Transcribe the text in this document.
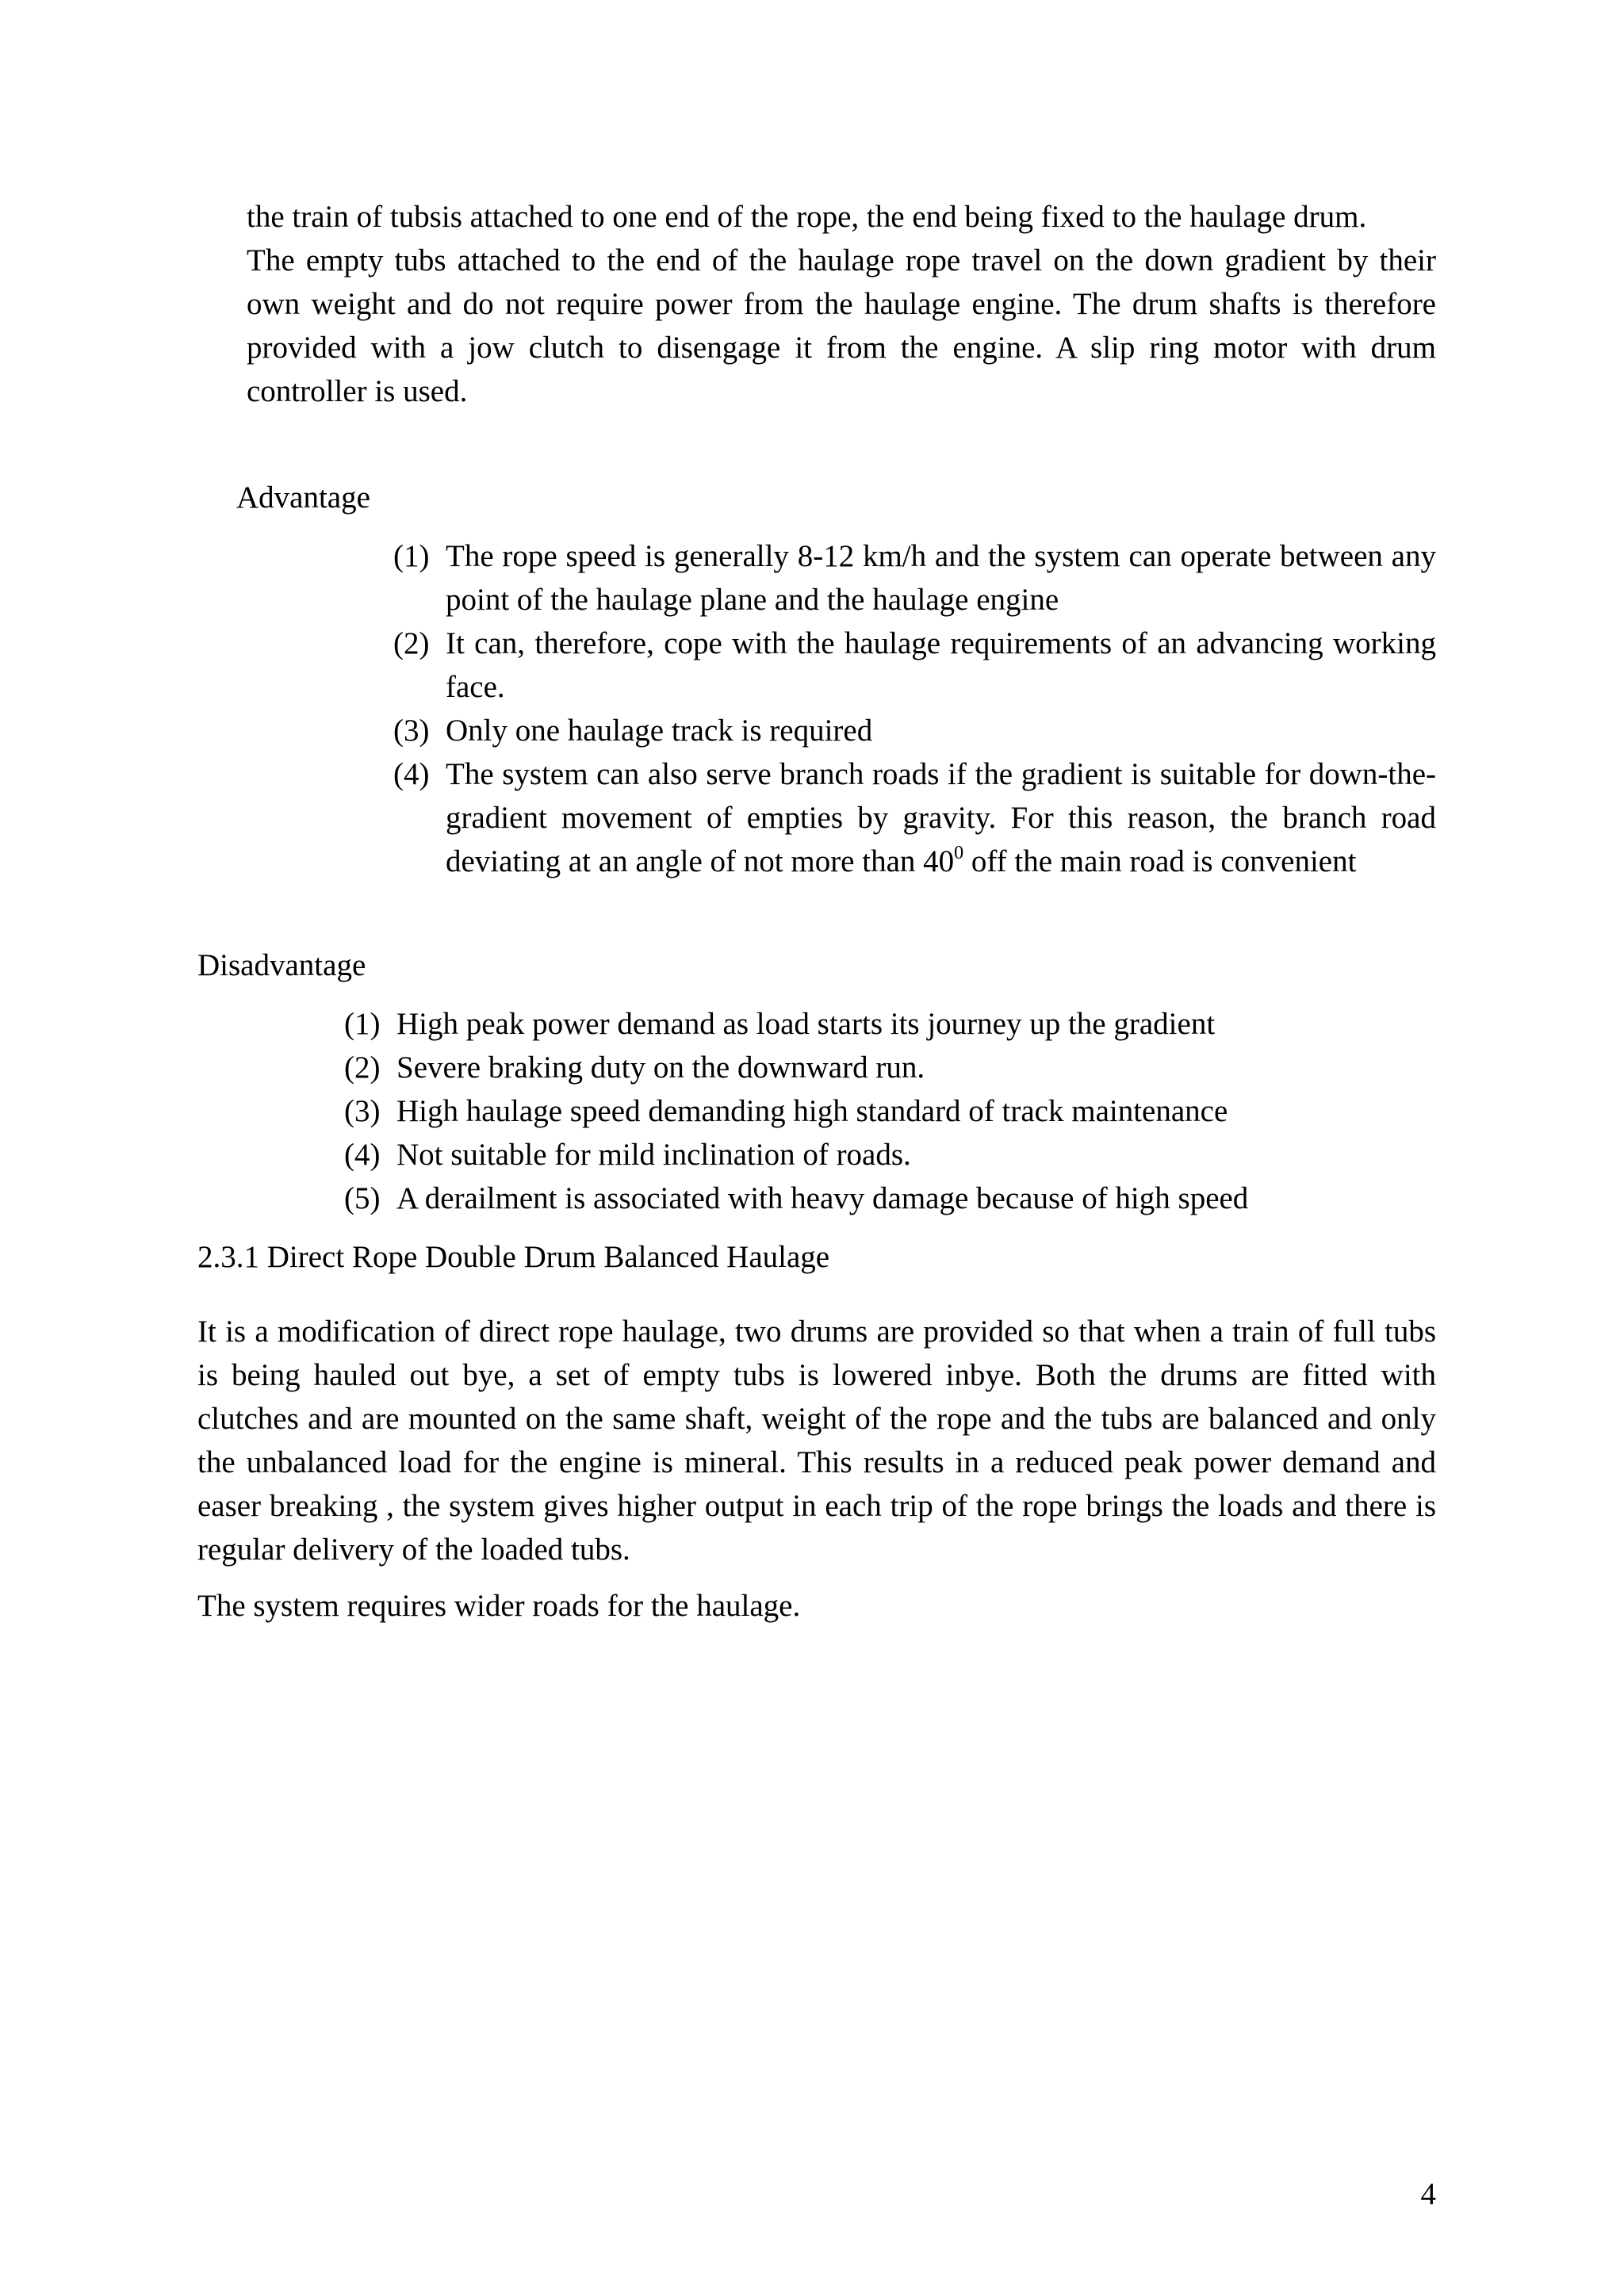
the train of tubsis attached to one end of the rope, the end being fixed to the haulage drum.

The empty tubs attached to the end of the haulage rope travel on the down gradient by their own weight and do not require power from the haulage engine. The drum shafts is therefore provided with a jow clutch to disengage it from the engine. A slip ring motor with drum controller is used.

Advantage

(1) The rope speed is generally 8-12 km/h and the system can operate between any point of the haulage plane and the haulage engine
(2) It can, therefore, cope with the haulage requirements of an advancing working face.
(3) Only one haulage track is required
(4) The system can also serve branch roads if the gradient is suitable for down-the-gradient movement of empties by gravity. For this reason, the branch road deviating at an angle of not more than $40^0$ off the main road is convenient

Disadvantage

(1) High peak power demand as load starts its journey up the gradient
(2) Severe braking duty on the downward run.
(3) High haulage speed demanding high standard of track maintenance
(4) Not suitable for mild inclination of roads.
(5) A derailment is associated with heavy damage because of high speed

2.3.1 Direct Rope Double Drum Balanced Haulage

It is a modification of direct rope haulage, two drums are provided so that when a train of full tubs is being hauled out bye, a set of empty tubs is lowered inbye. Both the drums are fitted with clutches and are mounted on the same shaft, weight of the rope and the tubs are balanced and only the unbalanced load for the engine is mineral. This results in a reduced peak power demand and easer breaking , the system gives higher output in each trip of the rope brings the loads and there is regular delivery of the loaded tubs.

The system requires wider roads for the haulage.

4
